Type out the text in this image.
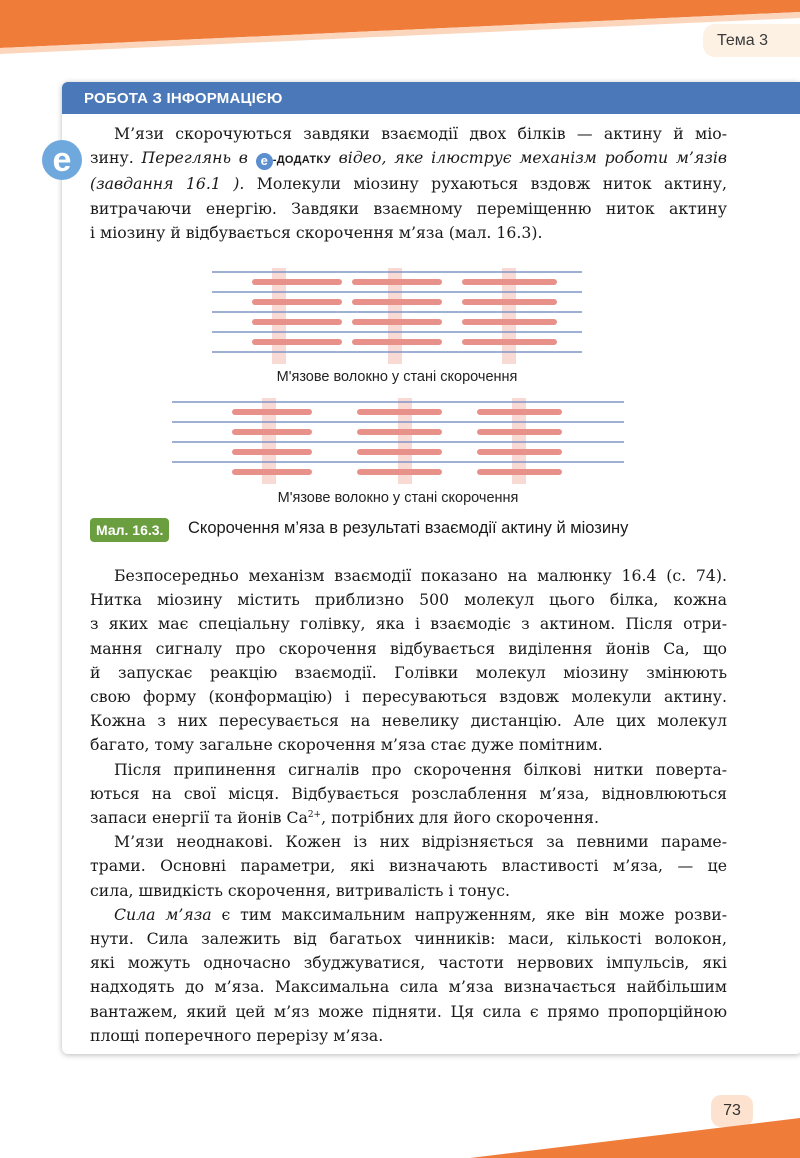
Тема 3
РОБОТА З ІНФОРМАЦІЄЮ
e
М’язи скорочуються завдяки взаємодії двох білків — актину й міо-
зину. Переглянь в e -ДОДАТКУ відео, яке ілюструє механізм роботи м’язів
(завдання 16.1 ). Молекули міозину рухаються вздовж ниток актину,
витрачаючи енергію. Завдяки взаємному переміщенню ниток актину
і міозину й відбувається скорочення м’яза (мал. 16.3).
М'язове волокно у стані скорочення
М'язове волокно у стані скорочення
Мал. 16.3.	Скорочення м’яза в результаті взаємодії актину й міозину
Безпосередньо механізм взаємодії показано на малюнку 16.4 (с. 74).
Нитка міозину містить приблизно 500 молекул цього білка, кожна
з яких має спеціальну голівку, яка і взаємодіє з актином. Після отри-
мання сигналу про скорочення відбувається виділення йонів Са, що
й запускає реакцію взаємодії. Голівки молекул міозину змінюють
свою форму (конформацію) і пересуваються вздовж молекули актину.
Кожна з них пересувається на невелику дистанцію. Але цих молекул
багато, тому загальне скорочення м’яза стає дуже помітним.
Після припинення сигналів про скорочення білкові нитки поверта-
ються на свої місця. Відбувається розслаблення м’яза, відновлюються
запаси енергії та йонів $Са^{2+}$, потрібних для його скорочення.
М’язи неоднакові. Кожен із них відрізняється за певними параме-
трами. Основні параметри, які визначають властивості м’яза, — це
сила, швидкість скорочення, витривалість і тонус.
Сила м’яза є тим максимальним напруженням, яке він може розви-
нути. Сила залежить від багатьох чинників: маси, кількості волокон,
які можуть одночасно збуджуватися, частоти нервових імпульсів, які
надходять до м’яза. Максимальна сила м’яза визначається найбільшим
вантажем, який цей м’яз може підняти. Ця сила є прямо пропорційною
площі поперечного перерізу м’яза.
73
